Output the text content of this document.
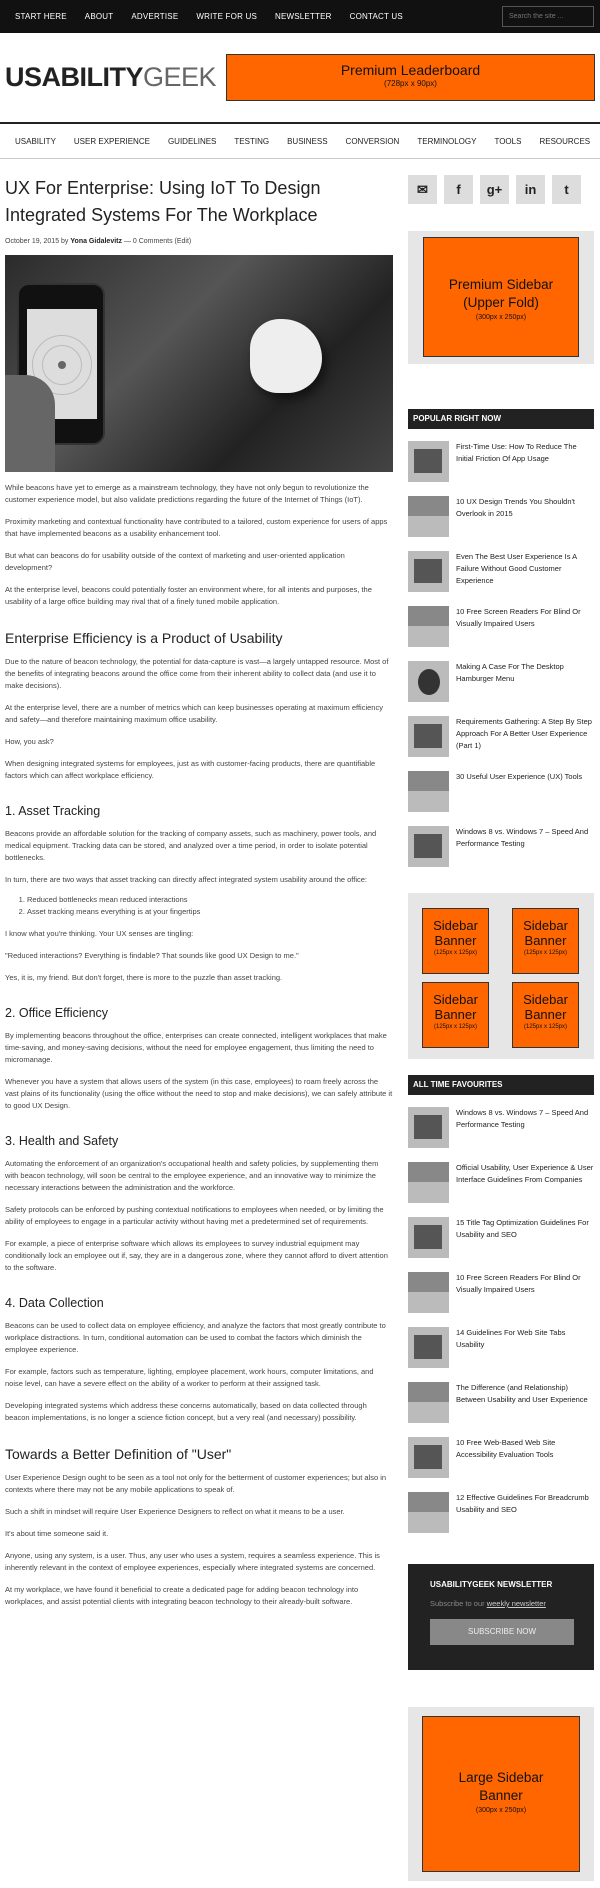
START HERE ABOUT ADVERTISE WRITE FOR US NEWSLETTER CONTACT US
Search the site ...
USABILITYGEEK	Premium Leaderboard
(728px x 90px)
USABILITY USER EXPERIENCE GUIDELINES TESTING BUSINESS CONVERSION TERMINOLOGY TOOLS RESOURCES
UX For Enterprise: Using IoT To Design Integrated Systems For The Workplace
October 19, 2015 by Yona Gidalevitz — 0 Comments (Edit)

While beacons have yet to emerge as a mainstream technology, they have not only begun to revolutionize the customer experience model, but also validate predictions regarding the future of the Internet of Things (IoT).

Proximity marketing and contextual functionality have contributed to a tailored, custom experience for users of apps that have implemented beacons as a usability enhancement tool.

But what can beacons do for usability outside of the context of marketing and user-oriented application development?

At the enterprise level, beacons could potentially foster an environment where, for all intents and purposes, the usability of a large office building may rival that of a finely tuned mobile application.

Enterprise Efficiency is a Product of Usability

Due to the nature of beacon technology, the potential for data-capture is vast—a largely untapped resource. Most of the benefits of integrating beacons around the office come from their inherent ability to collect data (and use it to make decisions).

At the enterprise level, there are a number of metrics which can keep businesses operating at maximum efficiency and safety—and therefore maintaining maximum office usability.

How, you ask?

When designing integrated systems for employees, just as with customer-facing products, there are quantifiable factors which can affect workplace efficiency.

1. Asset Tracking

Beacons provide an affordable solution for the tracking of company assets, such as machinery, power tools, and medical equipment. Tracking data can be stored, and analyzed over a time period, in order to isolate potential bottlenecks.

In turn, there are two ways that asset tracking can directly affect integrated system usability around the office:

1. Reduced bottlenecks mean reduced interactions
2. Asset tracking means everything is at your fingertips

I know what you're thinking. Your UX senses are tingling:

"Reduced interactions? Everything is findable? That sounds like good UX Design to me."

Yes, it is, my friend. But don't forget, there is more to the puzzle than asset tracking.

2. Office Efficiency

By implementing beacons throughout the office, enterprises can create connected, intelligent workplaces that make time-saving, and money-saving decisions, without the need for employee engagement, thus limiting the need to micromanage.

Whenever you have a system that allows users of the system (in this case, employees) to roam freely across the vast plains of its functionality (using the office without the need to stop and make decisions), we can safely attribute it to good UX Design.

3. Health and Safety

Automating the enforcement of an organization's occupational health and safety policies, by supplementing them with beacon technology, will soon be central to the employee experience, and an innovative way to minimize the necessary interactions between the administration and the workforce.

Safety protocols can be enforced by pushing contextual notifications to employees when needed, or by limiting the ability of employees to engage in a particular activity without having met a predetermined set of requirements.

For example, a piece of enterprise software which allows its employees to survey industrial equipment may conditionally lock an employee out if, say, they are in a dangerous zone, where they cannot afford to divert attention to the software.

4. Data Collection

Beacons can be used to collect data on employee efficiency, and analyze the factors that most greatly contribute to workplace distractions. In turn, conditional automation can be used to combat the factors which diminish the employee experience.

For example, factors such as temperature, lighting, employee placement, work hours, computer limitations, and noise level, can have a severe effect on the ability of a worker to perform at their assigned task.

Developing integrated systems which address these concerns automatically, based on data collected through beacon implementations, is no longer a science fiction concept, but a very real (and necessary) possibility.

Towards a Better Definition of "User"

User Experience Design ought to be seen as a tool not only for the betterment of customer experiences; but also in contexts where there may not be any mobile applications to speak of.

Such a shift in mindset will require User Experience Designers to reflect on what it means to be a user.

It's about time someone said it.

Anyone, using any system, is a user. Thus, any user who uses a system, requires a seamless experience. This is inherently relevant in the context of employee experiences, especially where integrated systems are concerned.

At my workplace, we have found it beneficial to create a dedicated page for adding beacon technology into workplaces, and assist potential clients with integrating beacon technology to their already-built software.

✉	f	g+	in	t
Premium Sidebar
(Upper Fold)
(300px x 250px)
POPULAR RIGHT NOW
First-Time Use: How To Reduce The Initial Friction Of App Usage
10 UX Design Trends You Shouldn't Overlook in 2015
Even The Best User Experience Is A Failure Without Good Customer Experience
10 Free Screen Readers For Blind Or Visually Impaired Users
Making A Case For The Desktop Hamburger Menu
Requirements Gathering: A Step By Step Approach For A Better User Experience (Part 1)
30 Useful User Experience (UX) Tools
Windows 8 vs. Windows 7 – Speed And Performance Testing
Sidebar
Banner
(125px x 125px)
Sidebar
Banner
(125px x 125px)
Sidebar
Banner
(125px x 125px)
Sidebar
Banner
(125px x 125px)
ALL TIME FAVOURITES
Windows 8 vs. Windows 7 – Speed And Performance Testing
Official Usability, User Experience & User Interface Guidelines From Companies
15 Title Tag Optimization Guidelines For Usability and SEO
10 Free Screen Readers For Blind Or Visually Impaired Users
14 Guidelines For Web Site Tabs Usability
The Difference (and Relationship) Between Usability and User Experience
10 Free Web-Based Web Site Accessibility Evaluation Tools
12 Effective Guidelines For Breadcrumb Usability and SEO
USABILITYGEEK NEWSLETTER
Subscribe to our weekly newsletter
SUBSCRIBE NOW
Large Sidebar
Banner
(300px x 250px)
